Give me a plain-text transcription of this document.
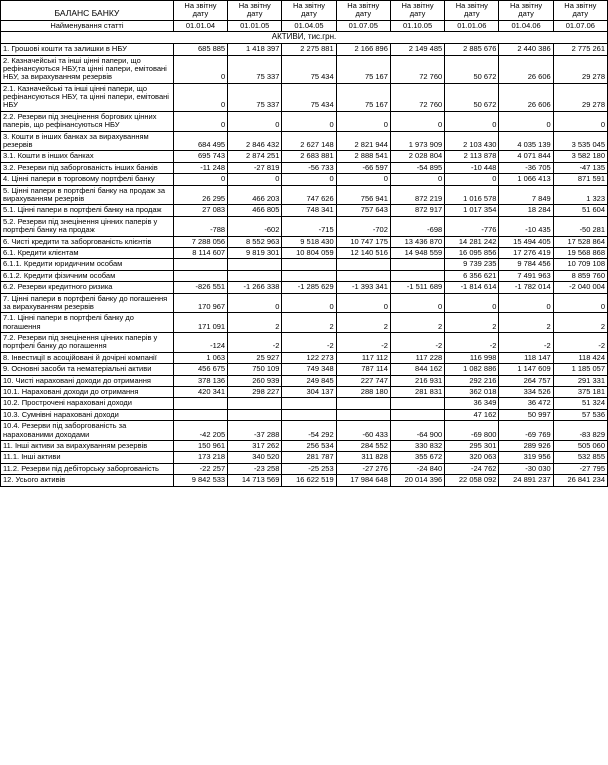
БАЛАНС БАНКУ	На звітну дату	На звітну дату	На звітну дату	На звітну дату	На звітну дату	На звітну дату	На звітну дату	На звітну дату
Найменування статті	01.01.04	01.01.05	01.04.05	01.07.05	01.10.05	01.01.06	01.04.06	01.07.06
АКТИВИ, тис.грн.								
1. Грошові кошти та залишки в НБУ	685 885	1 418 397	2 275 881	2 166 896	2 149 485	2 885 676	2 440 386	2 775 261
2. Казначейські та інші цінні папери, що рефінансуються НБУ,та цінні папери, емітовані НБУ, за вирахуванням резервів	0	75 337	75 434	75 167	72 760	50 672	26 606	29 278
2.1. Казначейські та інші цінні папери, що рефінансуються НБУ, та цінні папери, емітовані НБУ	0	75 337	75 434	75 167	72 760	50 672	26 606	29 278
2.2. Резерви під знецінення боргових цінних паперів, що рефінансуються НБУ	0	0	0	0	0	0	0	0
3. Кошти в інших банках за вирахуванням резервів	684 495	2 846 432	2 627 148	2 821 944	1 973 909	2 103 430	4 035 139	3 535 045
3.1. Кошти в інших банках	695 743	2 874 251	2 683 881	2 888 541	2 028 804	2 113 878	4 071 844	3 582 180
3.2. Резерви під заборгованість інших банків	-11 248	-27 819	-56 733	-66 597	-54 895	-10 448	-36 705	-47 135
4. Цінні папери в торговому портфелі банку	0	0	0	0	0	0	1 066 413	871 591
5. Цінні папери в портфелі банку на продаж за вирахуванням резервів	26 295	466 203	747 626	756 941	872 219	1 016 578	7 849	1 323
5.1. Цінні папери в портфелі банку на продаж	27 083	466 805	748 341	757 643	872 917	1 017 354	18 284	51 604
5.2. Резерви під знецінення цінних паперів у портфелі банку на продаж	-788	-602	-715	-702	-698	-776	-10 435	-50 281
6. Чисті кредити та заборгованість клієнтів	7 288 056	8 552 963	9 518 430	10 747 175	13 436 870	14 281 242	15 494 405	17 528 864
6.1. Кредити клієнтам	8 114 607	9 819 301	10 804 059	12 140 516	14 948 559	16 095 856	17 276 419	19 568 868
6.1.1. Кредити юридичним особам						9 739 235	9 784 456	10 709 108
6.1.2. Кредити фізичним особам						6 356 621	7 491 963	8 859 760
6.2. Резерви кредитного ризика	-826 551	-1 266 338	-1 285 629	-1 393 341	-1 511 689	-1 814 614	-1 782 014	-2 040 004
7. Цінні папери в портфелі банку до погашення за вирахуванням резервів	170 967	0	0	0	0	0	0	0
7.1. Цінні папери в портфелі банку до погашення	171 091	2	2	2	2	2	2	2
7.2. Резерви під знецінення цінних паперів у портфелі банку до погашення	-124	-2	-2	-2	-2	-2	-2	-2
8. Інвестиції в асоційовані й дочірні компанії	1 063	25 927	122 273	117 112	117 228	116 998	118 147	118 424
9. Основні засоби та нематеріальні активи	456 675	750 109	749 348	787 114	844 162	1 082 886	1 147 609	1 185 057
10. Чисті нараховані доходи до отримання	378 136	260 939	249 845	227 747	216 931	292 216	264 757	291 331
10.1. Нараховані доходи до отримання	420 341	298 227	304 137	288 180	281 831	362 018	334 526	375 181
10.2. Прострочені нараховані доходи						36 349	36 472	51 324
10.3. Сумнівні нараховані доходи						47 162	50 997	57 536
10.4. Резерви під заборгованість за нарахованими доходами	-42 205	-37 288	-54 292	-60 433	-64 900	-69 800	-69 769	-83 829
11. Інші активи за вирахуванням резервів	150 961	317 262	256 534	284 552	330 832	295 301	289 926	505 060
11.1. Інші активи	173 218	340 520	281 787	311 828	355 672	320 063	319 956	532 855
11.2. Резерви під дебіторську заборгованість	-22 257	-23 258	-25 253	-27 276	-24 840	-24 762	-30 030	-27 795
12. Усього активів	9 842 533	14 713 569	16 622 519	17 984 648	20 014 396	22 058 092	24 891 237	26 841 234
